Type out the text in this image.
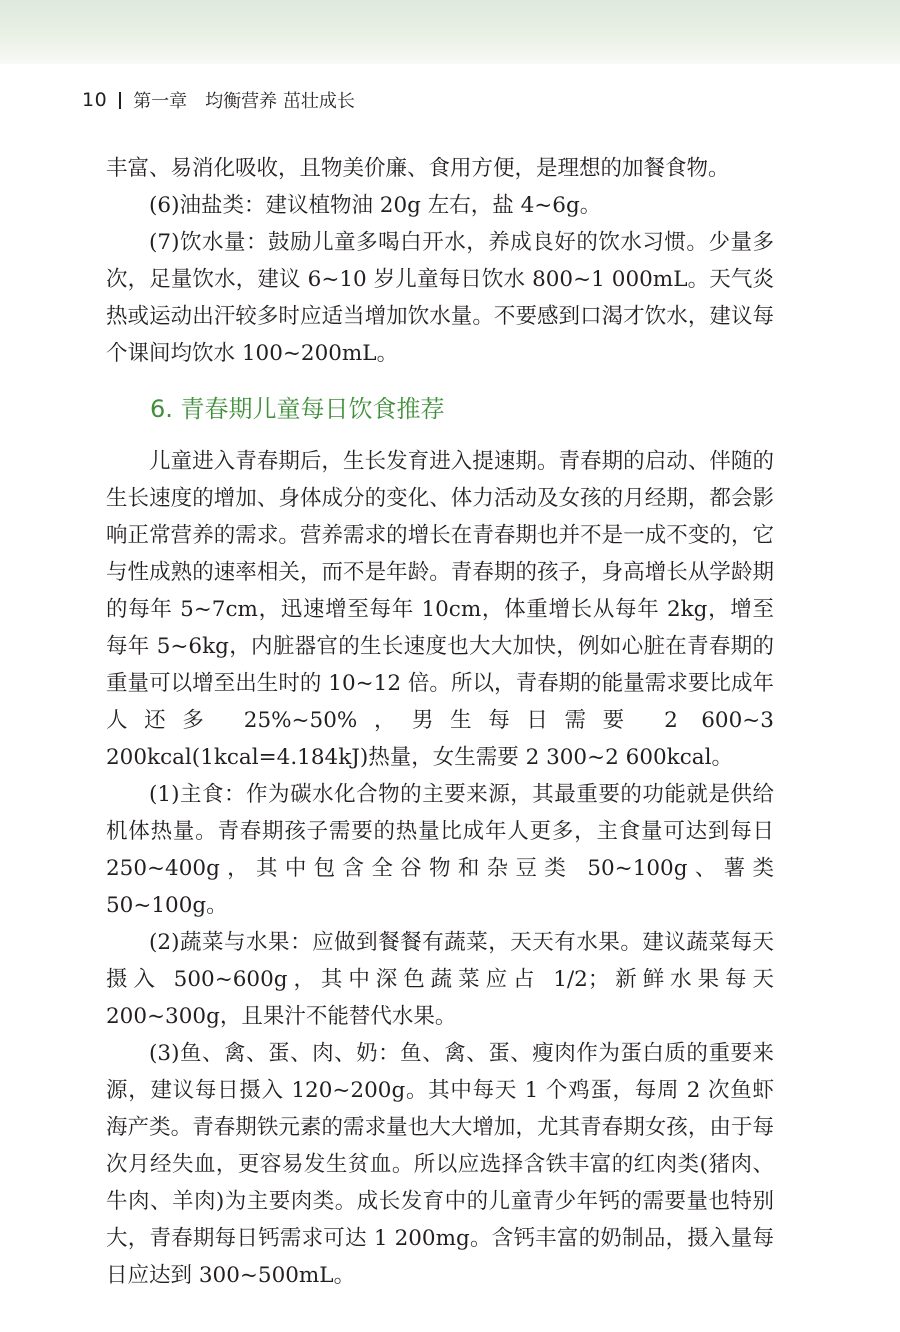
10 第一章　均衡营养 茁壮成长

丰富、易消化吸收，且物美价廉、食用方便，是理想的加餐食物。

(6)油盐类：建议植物油 20g 左右，盐 4~6g。

(7)饮水量：鼓励儿童多喝白开水，养成良好的饮水习惯。少量多次，足量饮水，建议 6~10 岁儿童每日饮水 800~1 000mL。天气炎热或运动出汗较多时应适当增加饮水量。不要感到口渴才饮水，建议每个课间均饮水 100~200mL。

6. 青春期儿童每日饮食推荐

儿童进入青春期后，生长发育进入提速期。青春期的启动、伴随的生长速度的增加、身体成分的变化、体力活动及女孩的月经期，都会影响正常营养的需求。营养需求的增长在青春期也并不是一成不变的，它与性成熟的速率相关，而不是年龄。青春期的孩子，身高增长从学龄期的每年 5~7cm，迅速增至每年 10cm，体重增长从每年 2kg，增至每年 5~6kg，内脏器官的生长速度也大大加快，例如心脏在青春期的重量可以增至出生时的 10~12 倍。所以，青春期的能量需求要比成年人还多 25%~50%，男生每日需要 2 600~3 200kcal(1kcal=4.184kJ)热量，女生需要 2 300~2 600kcal。

(1)主食：作为碳水化合物的主要来源，其最重要的功能就是供给机体热量。青春期孩子需要的热量比成年人更多，主食量可达到每日 250~400g，其中包含全谷物和杂豆类 50~100g、薯类 50~100g。

(2)蔬菜与水果：应做到餐餐有蔬菜，天天有水果。建议蔬菜每天摄入 500~600g，其中深色蔬菜应占 1/2；新鲜水果每天 200~300g，且果汁不能替代水果。

(3)鱼、禽、蛋、肉、奶：鱼、禽、蛋、瘦肉作为蛋白质的重要来源，建议每日摄入 120~200g。其中每天 1 个鸡蛋，每周 2 次鱼虾海产类。青春期铁元素的需求量也大大增加，尤其青春期女孩，由于每次月经失血，更容易发生贫血。所以应选择含铁丰富的红肉类(猪肉、牛肉、羊肉)为主要肉类。成长发育中的儿童青少年钙的需要量也特别大，青春期每日钙需求可达 1 200mg。含钙丰富的奶制品，摄入量每日应达到 300~500mL。
